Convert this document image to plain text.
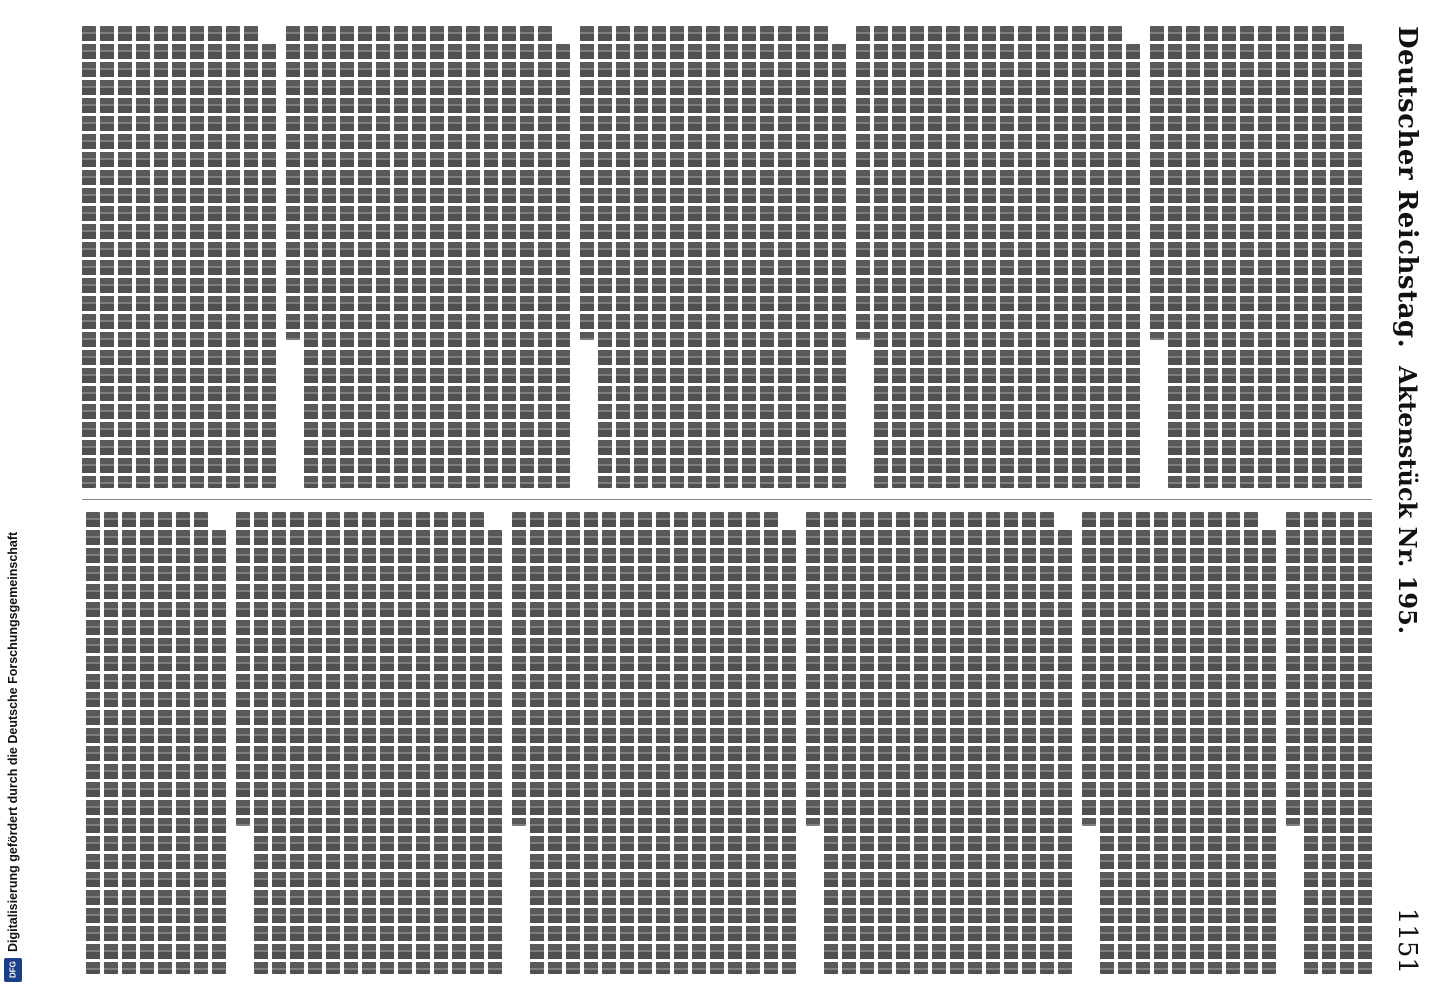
Deutscher Reichstag.
Aktenstück Nr. 195.
1151
Digitalisierung gefördert durch die Deutsche Forschungsgemeinschaft
DFG
